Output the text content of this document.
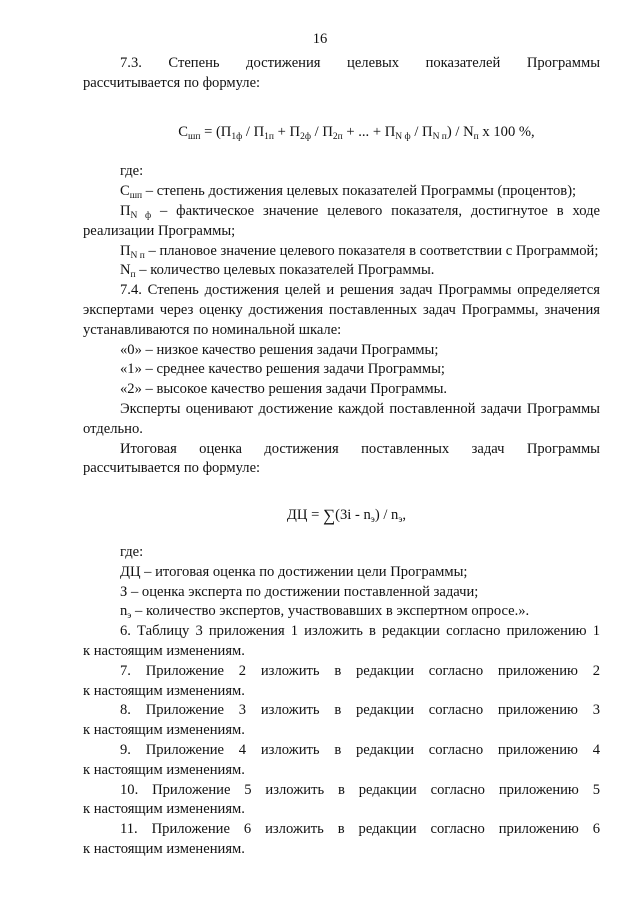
16

7.3. Степень достижения целевых показателей Программы

рассчитывается по формуле:

$С_{шп} = (П_{1ф} / П_{1п} + П_{2ф} / П_{2п}$ + ... + $П_{N ф} / П_{N п}) / N_п$ х 100 %,

где:

$С_{шп}$ – степень достижения целевых показателей Программы (процентов);

$П_{N ф}$ – фактическое значение целевого показателя, достигнутое в ходе реализации Программы;

$П_{N п}$ – плановое значение целевого показателя в соответствии с Программой;

$N_п$ – количество целевых показателей Программы.

7.4. Степень достижения целей и решения задач Программы определяется экспертами через оценку достижения поставленных задач Программы, значения устанавливаются по номинальной шкале:

«0» – низкое качество решения задачи Программы;

«1» – среднее качество решения задачи Программы;

«2» – высокое качество решения задачи Программы.

Эксперты оценивают достижение каждой поставленной задачи Программы отдельно.

Итоговая оценка достижения поставленных задач Программы

рассчитывается по формуле:

ДЦ = $\sum(3i - n_э) / n_э$,

где:

ДЦ – итоговая оценка по достижении цели Программы;

З – оценка эксперта по достижении поставленной задачи;

$n_э$ – количество экспертов, участвовавших в экспертном опросе.».

6. Таблицу 3 приложения 1 изложить в редакции согласно приложению 1

к настоящим изменениям.

7. Приложение 2 изложить в редакции согласно приложению 2

к настоящим изменениям.

8. Приложение 3 изложить в редакции согласно приложению 3

к настоящим изменениям.

9. Приложение 4 изложить в редакции согласно приложению 4

к настоящим изменениям.

10. Приложение 5 изложить в редакции согласно приложению 5

к настоящим изменениям.

11. Приложение 6 изложить в редакции согласно приложению 6

к настоящим изменениям.
